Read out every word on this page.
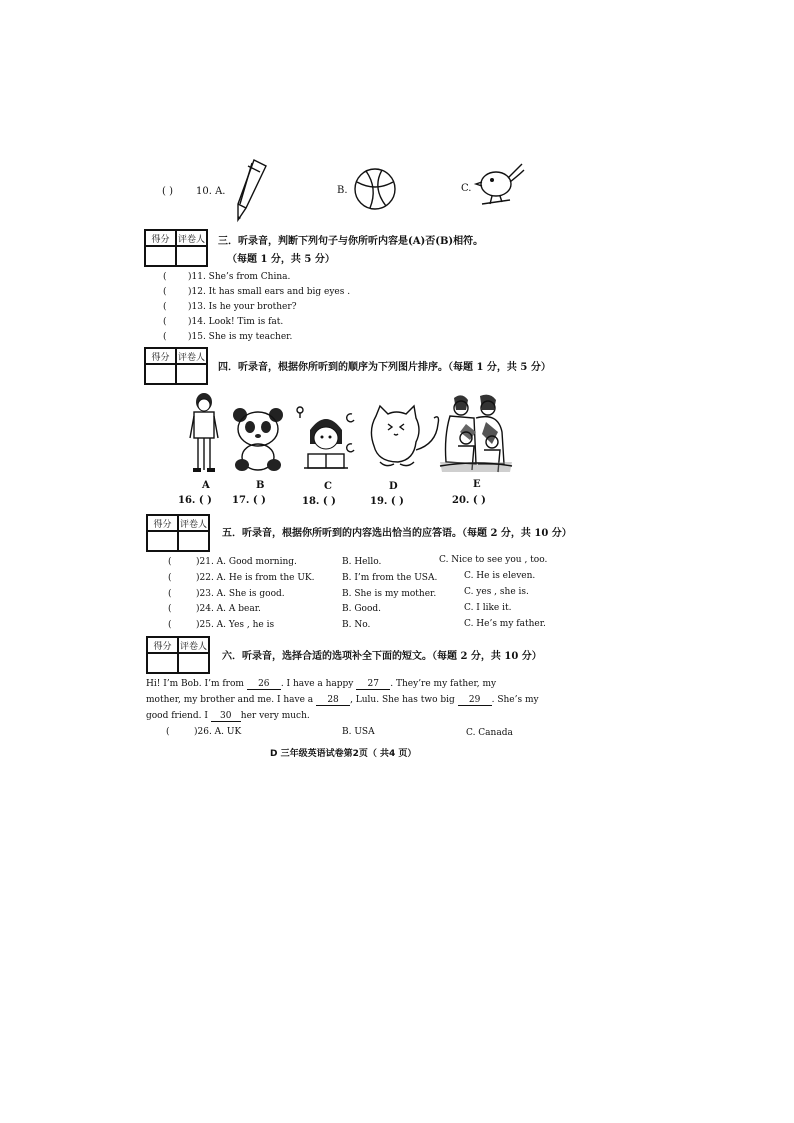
( ) 10. A.	B.	C.
得分 评卷人 三．听录音，判断下列句子与你所听内容是(A)否(B)相符。
（每题 1 分，共 5 分）
( )11. She’s from China.
( )12. It has small ears and big eyes .
( )13. Is he your brother?
( )14. Look! Tim is fat.
( )15. She is my teacher.
得分 评卷人
四．听录音，根据你所听到的顺序为下列图片排序。（每题 1 分，共 5 分）
A	B	C	D	E
16. ( ) 17. ( )	18. ( )	19. ( )	20. ( )
得分 评卷人
五．听录音，根据你所听到的内容选出恰当的应答语。（每题 2 分，共 10 分）
(	)21. A. Good morning.	B. Hello.	C. Nice to see you , too.
(	)22. A. He is from the UK.	B. I’m from the USA.	C. He is eleven.
(	)23. A. She is good.	B. She is my mother.	C. yes , she is.
(	)24. A. A bear.	B. Good.	C. I like it.
(	)25. A. Yes , he is	B. No.	C. He’s my father.
得分 评卷人
六．听录音，选择合适的选项补全下面的短文。（每题 2 分，共 10 分）
Hi! I’m Bob. I’m from 26 . I have a happy 27 . They’re my father, my
mother, my brother and me. I have a 28 , Lulu. She has two big 29 . She’s my
good friend. I 30 her very much.
(	)26. A. UK	B. USA	C. Canada
D 三年级英语试卷第2页（ 共4 页）
